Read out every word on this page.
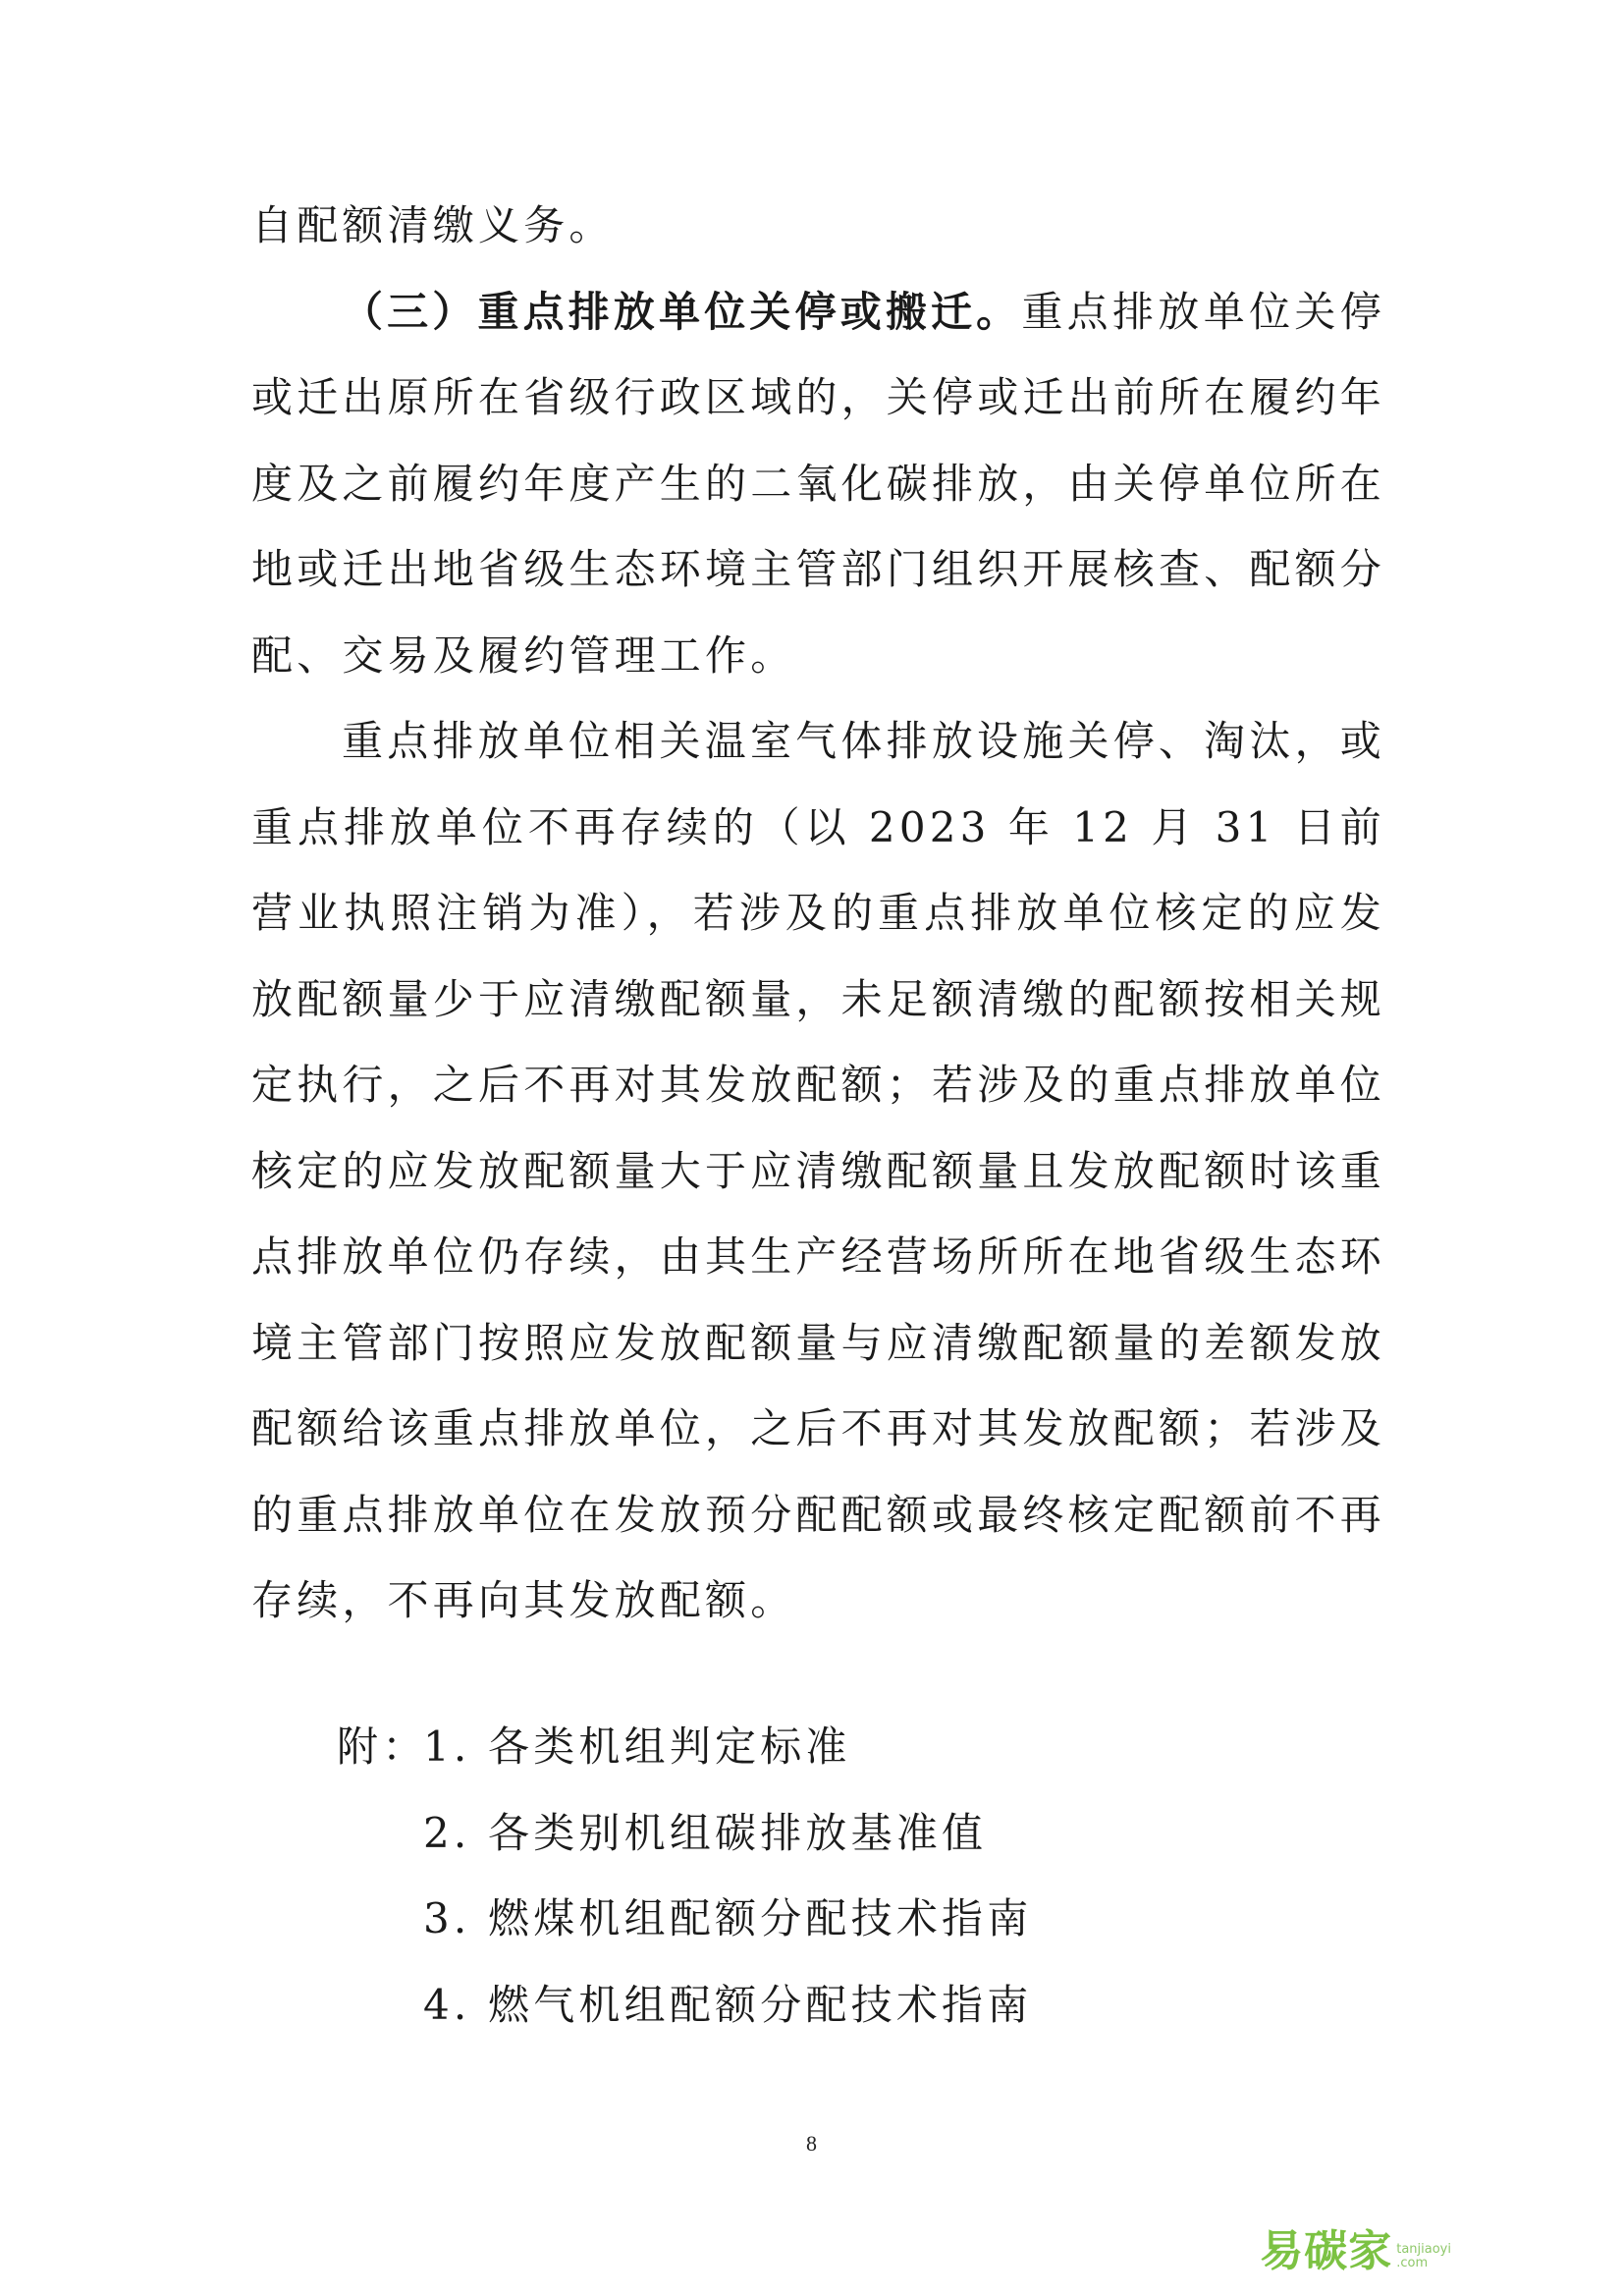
自配额清缴义务。

（三）重点排放单位关停或搬迁。重点排放单位关停或迁出原所在省级行政区域的，关停或迁出前所在履约年度及之前履约年度产生的二氧化碳排放，由关停单位所在地或迁出地省级生态环境主管部门组织开展核查、配额分配、交易及履约管理工作。

重点排放单位相关温室气体排放设施关停、淘汰，或重点排放单位不再存续的（以 2023 年 12 月 31 日前营业执照注销为准），若涉及的重点排放单位核定的应发放配额量少于应清缴配额量，未足额清缴的配额按相关规定执行，之后不再对其发放配额；若涉及的重点排放单位核定的应发放配额量大于应清缴配额量且发放配额时该重点排放单位仍存续，由其生产经营场所所在地省级生态环境主管部门按照应发放配额量与应清缴配额量的差额发放配额给该重点排放单位，之后不再对其发放配额；若涉及的重点排放单位在发放预分配配额或最终核定配额前不再存续，不再向其发放配额。

附：
1. 各类机组判定标准
2. 各类别机组碳排放基准值
3. 燃煤机组配额分配技术指南
4. 燃气机组配额分配技术指南
8
易碳家 tanjiaoyi
.com
